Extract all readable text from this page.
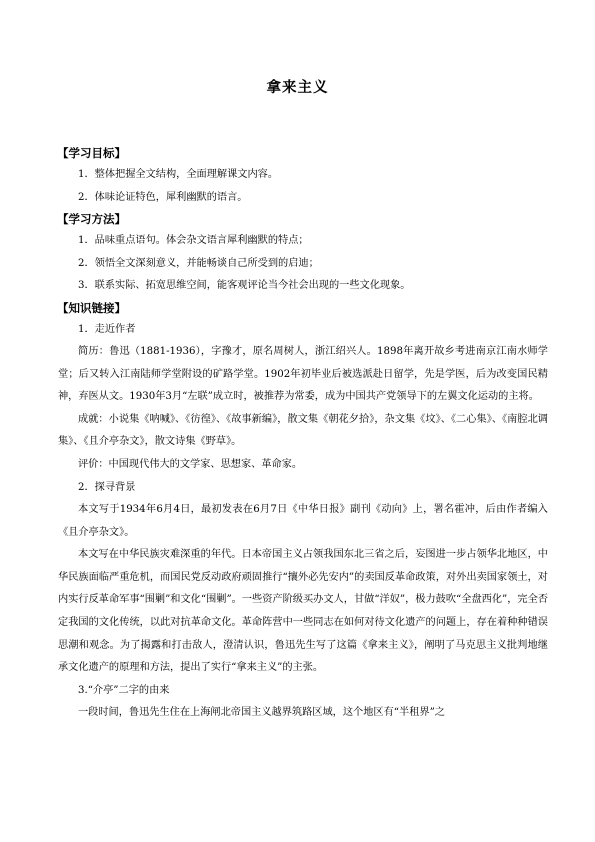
拿来主义
【学习目标】
1．整体把握全文结构，全面理解课文内容。
2．体味论证特色，犀利幽默的语言。
【学习方法】
1．品味重点语句。体会杂文语言犀利幽默的特点；
2．领悟全文深刻意义，并能畅谈自己所受到的启迪；
3．联系实际、拓宽思维空间，能客观评论当今社会出现的一些文化现象。
【知识链接】
1．走近作者
简历：鲁迅（1881-1936），字豫才，原名周树人，浙江绍兴人。1898年离开故乡考进南京江南水师学堂；后又转入江南陆师学堂附设的矿路学堂。1902年初毕业后被选派赴日留学，先是学医，后为改变国民精神，弃医从文。1930年3月“左联”成立时，被推荐为常委，成为中国共产党领导下的左翼文化运动的主将。
成就：小说集《呐喊》、《彷徨》、《故事新编》，散文集《朝花夕拾》，杂文集《坟》、《二心集》、《南腔北调集》、《且介亭杂文》，散文诗集《野草》。
评价：中国现代伟大的文学家、思想家、革命家。
2．探寻背景
本文写于1934年6月4日，最初发表在6月7日《中华日报》副刊《动向》上，署名霍冲，后由作者编入《且介亭杂文》。
本文写在中华民族灾难深重的年代。日本帝国主义占领我国东北三省之后，妄图进一步占领华北地区，中华民族面临严重危机，而国民党反动政府顽固推行“攘外必先安内”的卖国反革命政策，对外出卖国家领土，对内实行反革命军事“围剿”和文化“围剿”。一些资产阶级买办文人，甘做“洋奴”，极力鼓吹“全盘西化”，完全否定我国的文化传统，以此对抗革命文化。革命阵营中一些同志在如何对待文化遗产的问题上，存在着种种错误思潮和观念。为了揭露和打击敌人，澄清认识，鲁迅先生写了这篇《拿来主义》，阐明了马克思主义批判地继承文化遗产的原理和方法，提出了实行“拿来主义”的主张。
3.“介亭”二字的由来
一段时间，鲁迅先生住在上海闸北帝国主义越界筑路区域，这个地区有“半租界”之
